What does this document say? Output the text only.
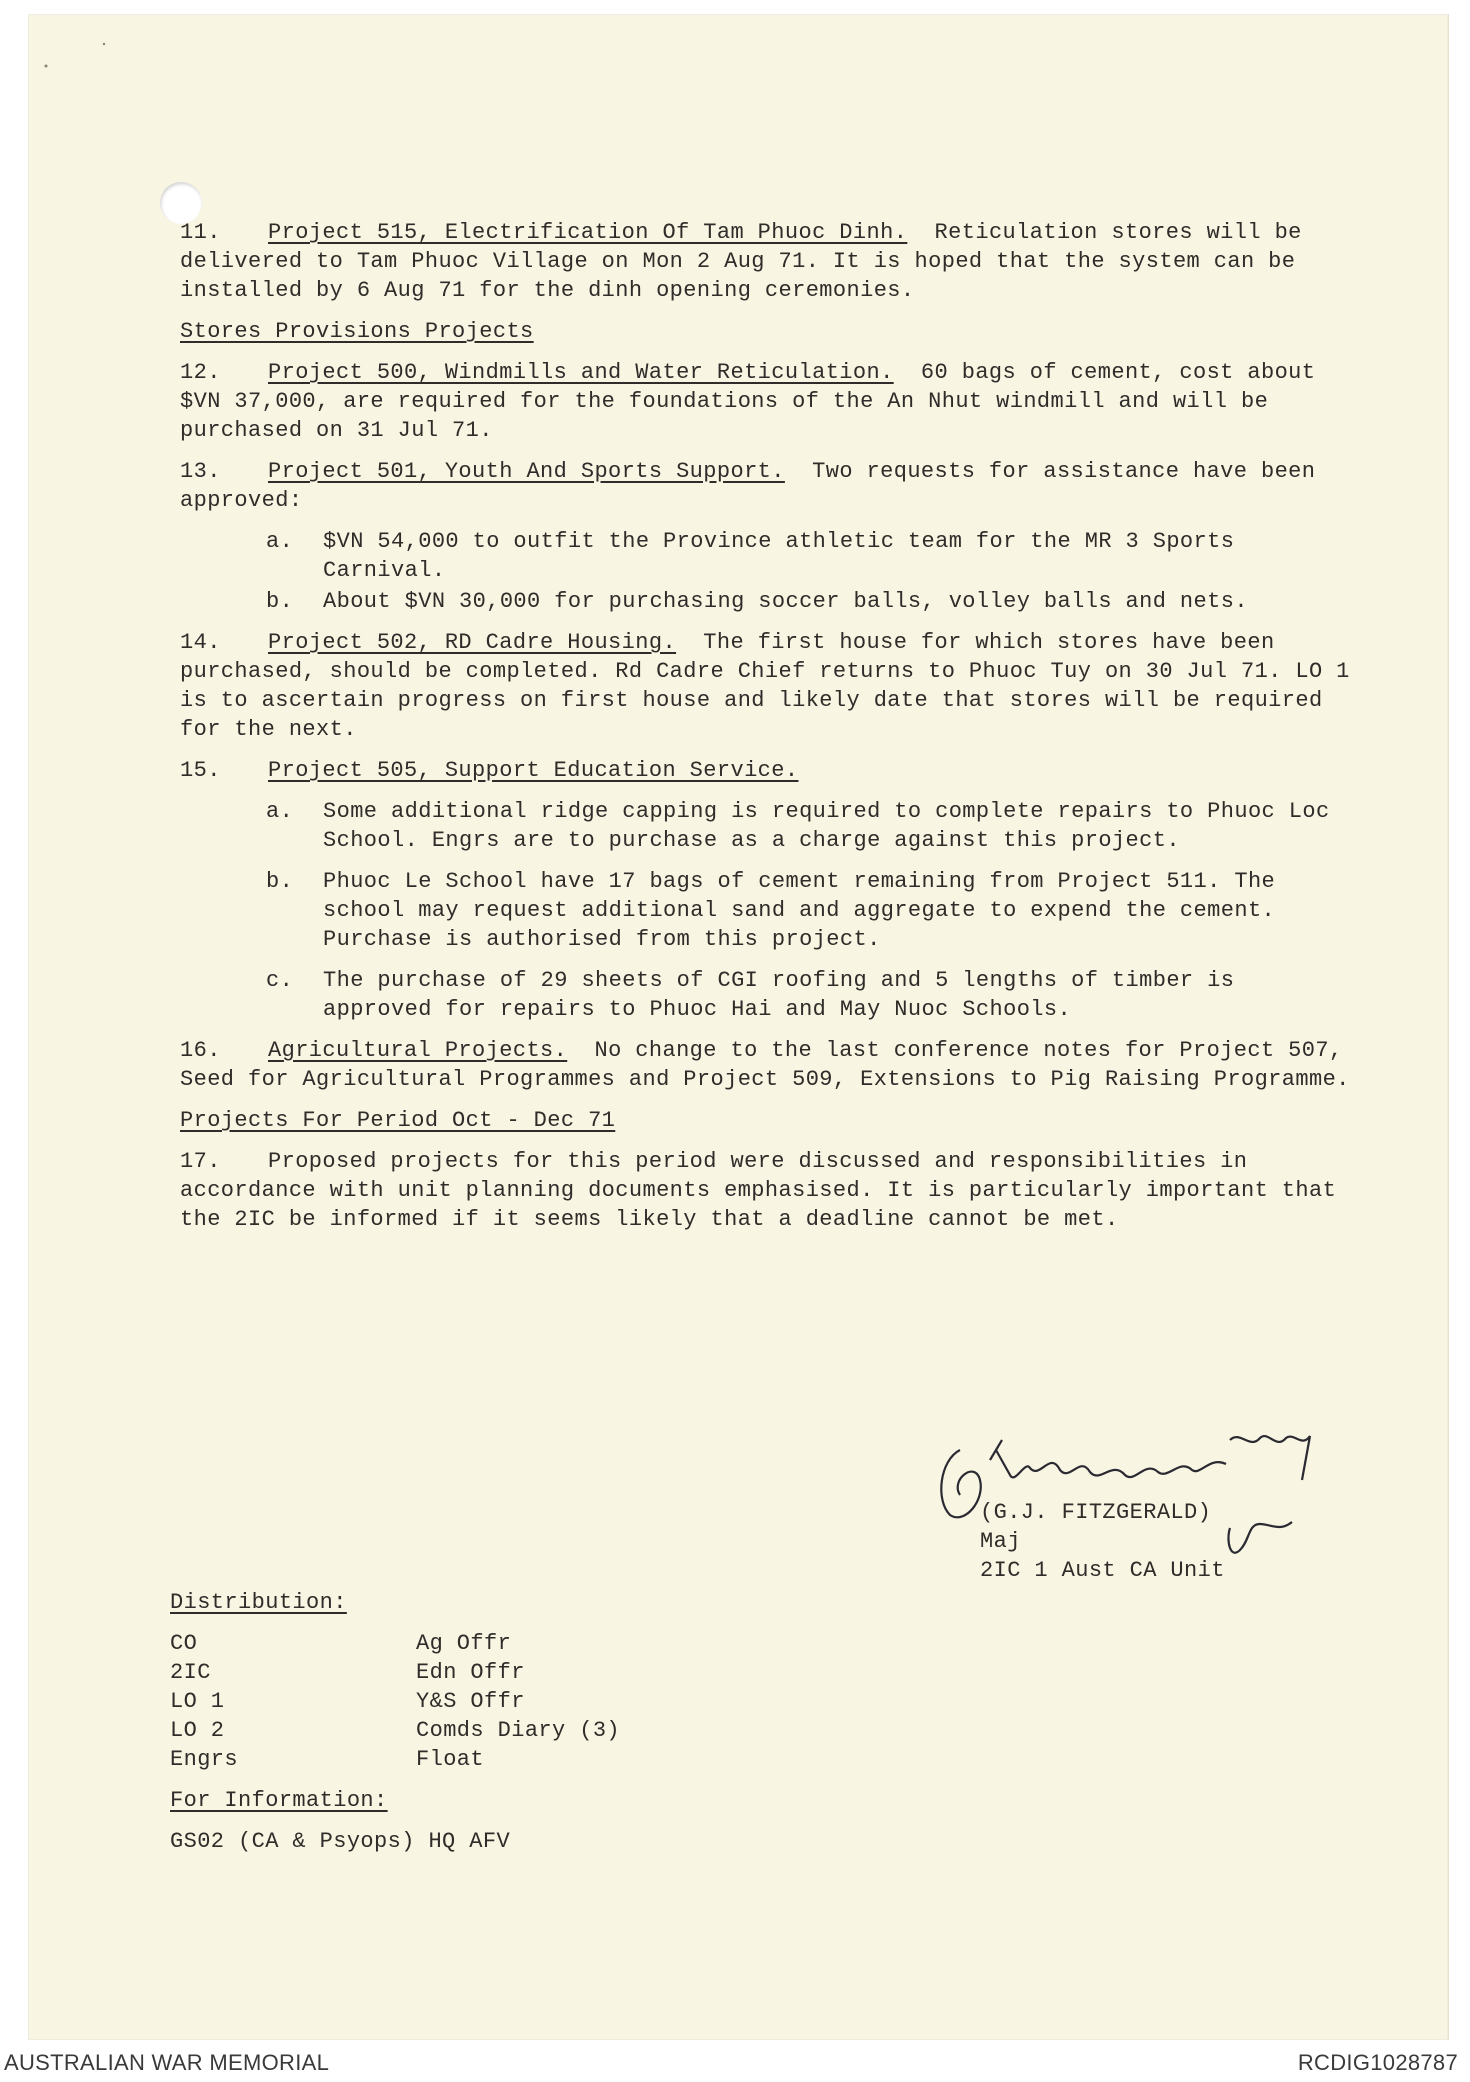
11. Project 515, Electrification Of Tam Phuoc Dinh. Reticulation stores will be delivered to Tam Phuoc Village on Mon 2 Aug 71. It is hoped that the system can be installed by 6 Aug 71 for the dinh opening ceremonies.

Stores Provisions Projects

12. Project 500, Windmills and Water Reticulation. 60 bags of cement, cost about $VN 37,000, are required for the foundations of the An Nhut windmill and will be purchased on 31 Jul 71.

13. Project 501, Youth And Sports Support. Two requests for assistance have been approved:

a. $VN 54,000 to outfit the Province athletic team for the MR 3 Sports Carnival.
b. About $VN 30,000 for purchasing soccer balls, volley balls and nets.

14. Project 502, RD Cadre Housing. The first house for which stores have been purchased, should be completed. Rd Cadre Chief returns to Phuoc Tuy on 30 Jul 71. LO 1 is to ascertain progress on first house and likely date that stores will be required for the next.

15. Project 505, Support Education Service.

a. Some additional ridge capping is required to complete repairs to Phuoc Loc School. Engrs are to purchase as a charge against this project.
b. Phuoc Le School have 17 bags of cement remaining from Project 511. The school may request additional sand and aggregate to expend the cement. Purchase is authorised from this project.
c. The purchase of 29 sheets of CGI roofing and 5 lengths of timber is approved for repairs to Phuoc Hai and May Nuoc Schools.

16. Agricultural Projects. No change to the last conference notes for Project 507, Seed for Agricultural Programmes and Project 509, Extensions to Pig Raising Programme.

Projects For Period Oct - Dec 71

17. Proposed projects for this period were discussed and responsibilities in accordance with unit planning documents emphasised. It is particularly important that the 2IC be informed if it seems likely that a deadline cannot be met.

(G.J. FITZGERALD)
Maj
2IC 1 Aust CA Unit
Distribution:
CO
2IC
LO 1
LO 2
Engrs
Ag Offr
Edn Offr
Y&S Offr
Comds Diary (3)
Float
For Information:
GS02 (CA & Psyops) HQ AFV
AUSTRALIAN WAR MEMORIAL	RCDIG1028787
